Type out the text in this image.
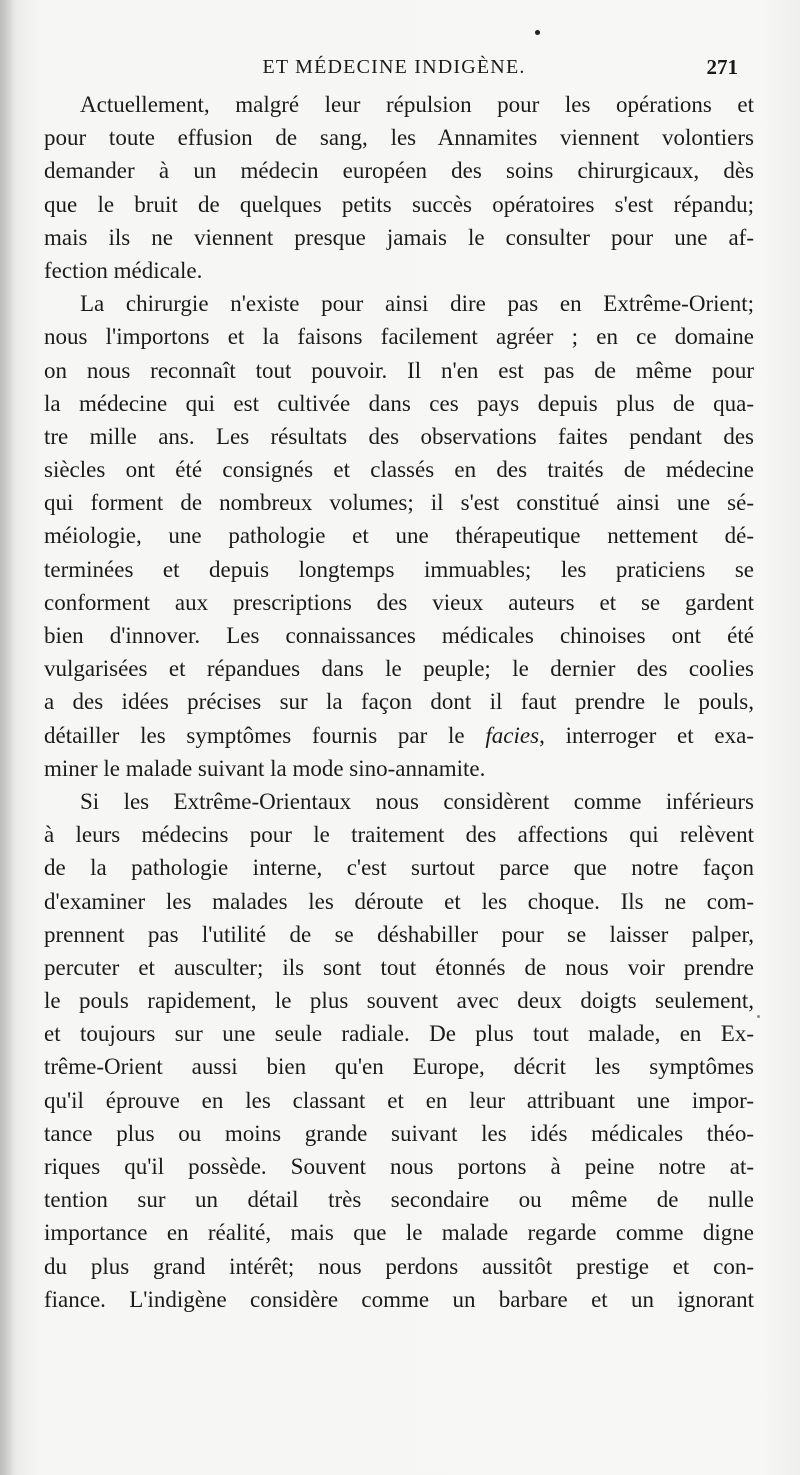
ET MÉDECINE INDIGÈNE.	271
Actuellement, malgré leur répulsion pour les opérations et
pour toute effusion de sang, les Annamites viennent volontiers
demander à un médecin européen des soins chirurgicaux, dès
que le bruit de quelques petits succès opératoires s'est répandu;
mais ils ne viennent presque jamais le consulter pour une af-
fection médicale.
La chirurgie n'existe pour ainsi dire pas en Extrême-Orient;
nous l'importons et la faisons facilement agréer ; en ce domaine
on nous reconnaît tout pouvoir. Il n'en est pas de même pour
la médecine qui est cultivée dans ces pays depuis plus de qua-
tre mille ans. Les résultats des observations faites pendant des
siècles ont été consignés et classés en des traités de médecine
qui forment de nombreux volumes; il s'est constitué ainsi une sé-
méiologie, une pathologie et une thérapeutique nettement dé-
terminées et depuis longtemps immuables; les praticiens se
conforment aux prescriptions des vieux auteurs et se gardent
bien d'innover. Les connaissances médicales chinoises ont été
vulgarisées et répandues dans le peuple; le dernier des coolies
a des idées précises sur la façon dont il faut prendre le pouls,
détailler les symptômes fournis par le facies, interroger et exa-
miner le malade suivant la mode sino-annamite.
Si les Extrême-Orientaux nous considèrent comme inférieurs
à leurs médecins pour le traitement des affections qui relèvent
de la pathologie interne, c'est surtout parce que notre façon
d'examiner les malades les déroute et les choque. Ils ne com-
prennent pas l'utilité de se déshabiller pour se laisser palper,
percuter et ausculter; ils sont tout étonnés de nous voir prendre
le pouls rapidement, le plus souvent avec deux doigts seulement,
et toujours sur une seule radiale. De plus tout malade, en Ex-
trême-Orient aussi bien qu'en Europe, décrit les symptômes
qu'il éprouve en les classant et en leur attribuant une impor-
tance plus ou moins grande suivant les idés médicales théo-
riques qu'il possède. Souvent nous portons à peine notre at-
tention sur un détail très secondaire ou même de nulle
importance en réalité, mais que le malade regarde comme digne
du plus grand intérêt; nous perdons aussitôt prestige et con-
fiance. L'indigène considère comme un barbare et un ignorant
